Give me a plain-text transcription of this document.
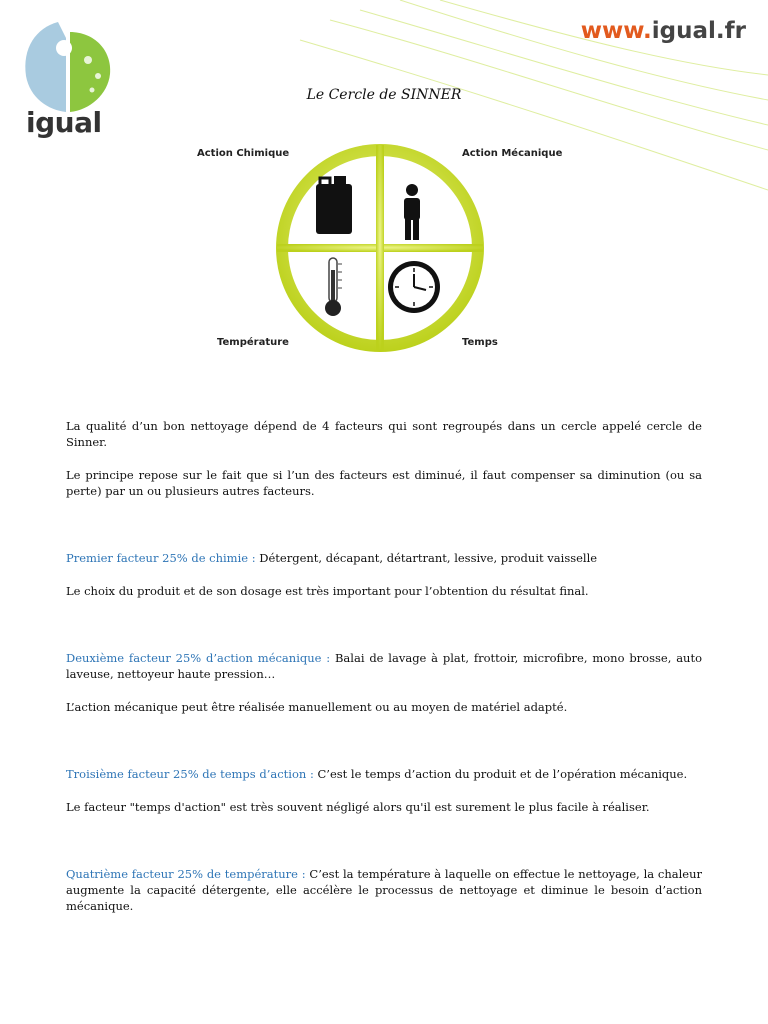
igual
www.igual.fr
Le Cercle de SINNER
Action Chimique	Action Mécanique
Température	Temps

La qualité d’un bon nettoyage dépend de 4 facteurs qui sont regroupés dans un cercle appelé cercle de Sinner.

Le principe repose sur le fait que si l’un des facteurs est diminué, il faut compenser sa diminution (ou sa perte) par un ou plusieurs autres facteurs.

Premier facteur 25% de chimie : Détergent, décapant, détartrant, lessive, produit vaisselle

Le choix du produit et de son dosage est très important pour l’obtention du résultat final.

Deuxième facteur 25% d’action mécanique : Balai de lavage à plat, frottoir, microfibre, mono brosse, auto laveuse, nettoyeur haute pression…

L’action mécanique peut être réalisée manuellement ou au moyen de matériel adapté.

Troisième facteur 25% de temps d’action : C’est le temps d’action du produit et de l’opération mécanique.

Le facteur "temps d'action" est très souvent négligé alors qu'il est surement le plus facile à réaliser.

Quatrième facteur 25% de température : C’est la température à laquelle on effectue le nettoyage, la chaleur augmente la capacité détergente, elle accélère le processus de nettoyage et diminue le besoin d’action mécanique.
